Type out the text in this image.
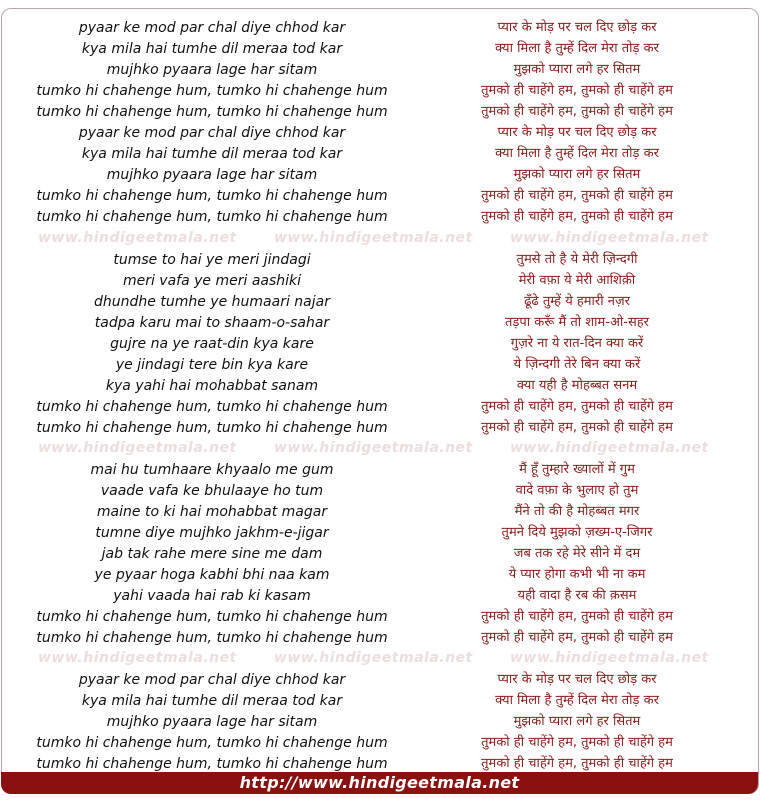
www.hindigeetmala.net	www.hindigeetmala.net	www.hindigeetmala.net
www.hindigeetmala.net	www.hindigeetmala.net	www.hindigeetmala.net
www.hindigeetmala.net	www.hindigeetmala.net	www.hindigeetmala.net
pyaar ke mod par chal diye chhod kar	प्यार के मोड़ पर चल दिए छोड़ कर
kya mila hai tumhe dil meraa tod kar	क्या मिला है तुम्हें दिल मेरा तोड़ कर
mujhko pyaara lage har sitam	मुझको प्यारा लगे हर सितम
tumko hi chahenge hum, tumko hi chahenge hum	तुमको ही चाहेंगे हम, तुमको ही चाहेंगे हम
tumko hi chahenge hum, tumko hi chahenge hum	तुमको ही चाहेंगे हम, तुमको ही चाहेंगे हम
pyaar ke mod par chal diye chhod kar	प्यार के मोड़ पर चल दिए छोड़ कर
kya mila hai tumhe dil meraa tod kar	क्या मिला है तुम्हें दिल मेरा तोड़ कर
mujhko pyaara lage har sitam	मुझको प्यारा लगे हर सितम
tumko hi chahenge hum, tumko hi chahenge hum	तुमको ही चाहेंगे हम, तुमको ही चाहेंगे हम
tumko hi chahenge hum, tumko hi chahenge hum	तुमको ही चाहेंगे हम, तुमको ही चाहेंगे हम
tumse to hai ye meri jindagi	तुमसे तो है ये मेरी ज़िन्दगी
meri vafa ye meri aashiki	मेरी वफ़ा ये मेरी आशिक़ी
dhundhe tumhe ye humaari najar	ढूँढे तुम्हें ये हमारी नज़र
tadpa karu mai to shaam-o-sahar	तड़पा करूँ मैं तो शाम-ओ-सहर
gujre na ye raat-din kya kare	गुज़रे ना ये रात-दिन क्या करें
ye jindagi tere bin kya kare	ये ज़िन्दगी तेरे बिन क्या करें
kya yahi hai mohabbat sanam	क्या यही है मोहब्बत सनम
tumko hi chahenge hum, tumko hi chahenge hum	तुमको ही चाहेंगे हम, तुमको ही चाहेंगे हम
tumko hi chahenge hum, tumko hi chahenge hum	तुमको ही चाहेंगे हम, तुमको ही चाहेंगे हम
mai hu tumhaare khyaalo me gum	मैं हूँ तुम्हारे ख्यालों में गुम
vaade vafa ke bhulaaye ho tum	वादे वफ़ा के भुलाए हो तुम
maine to ki hai mohabbat magar	मैंने तो की है मोहब्बत मगर
tumne diye mujhko jakhm-e-jigar	तुमने दिये मुझको ज़ख्म-ए-जिगर
jab tak rahe mere sine me dam	जब तक रहे मेरे सीने में दम
ye pyaar hoga kabhi bhi naa kam	ये प्यार होगा कभी भी ना कम
yahi vaada hai rab ki kasam	यही वादा है रब की क़सम
tumko hi chahenge hum, tumko hi chahenge hum	तुमको ही चाहेंगे हम, तुमको ही चाहेंगे हम
tumko hi chahenge hum, tumko hi chahenge hum	तुमको ही चाहेंगे हम, तुमको ही चाहेंगे हम
pyaar ke mod par chal diye chhod kar	प्यार के मोड़ पर चल दिए छोड़ कर
kya mila hai tumhe dil meraa tod kar	क्या मिला है तुम्हें दिल मेरा तोड़ कर
mujhko pyaara lage har sitam	मुझको प्यारा लगे हर सितम
tumko hi chahenge hum, tumko hi chahenge hum	तुमको ही चाहेंगे हम, तुमको ही चाहेंगे हम
tumko hi chahenge hum, tumko hi chahenge hum	तुमको ही चाहेंगे हम, तुमको ही चाहेंगे हम
http://www.hindigeetmala.net
